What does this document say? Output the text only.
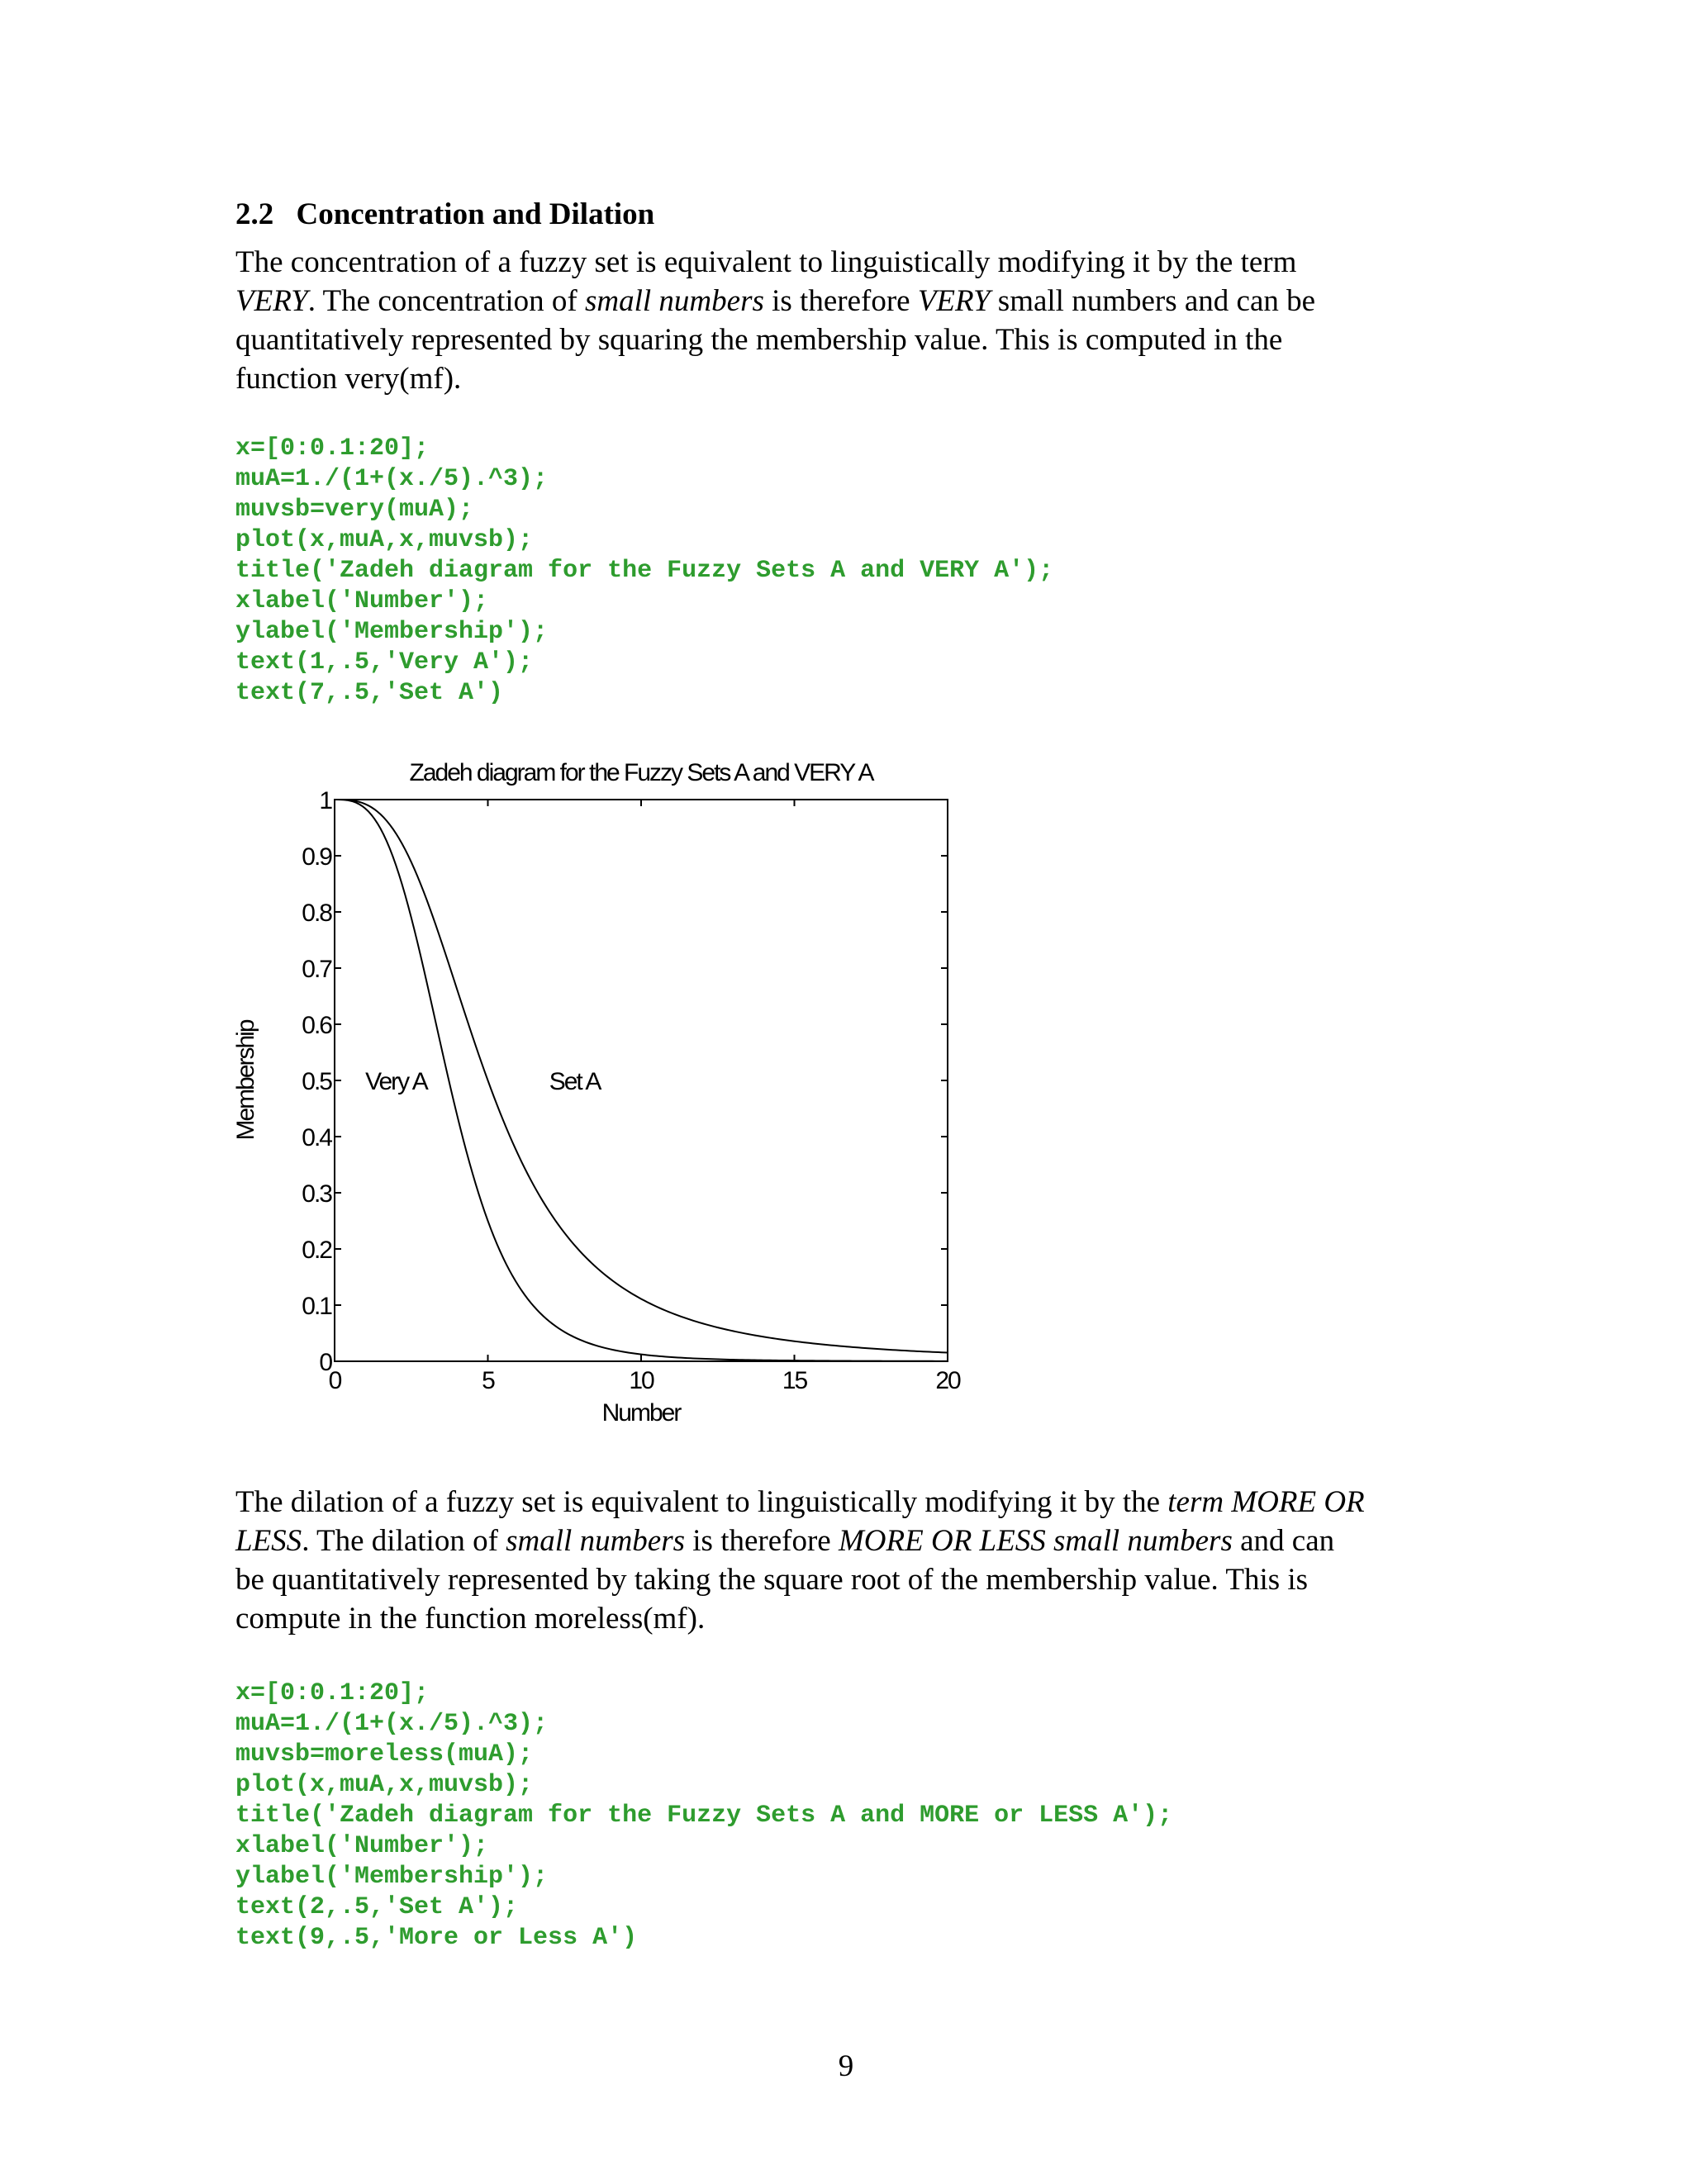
2.2 Concentration and Dilation
The concentration of a fuzzy set is equivalent to linguistically modifying it by the term
VERY. The concentration of small numbers is therefore VERY small numbers and can be
quantitatively represented by squaring the membership value. This is computed in the
function very(mf).
x=[0:0.1:20];
muA=1./(1+(x./5).^3);
muvsb=very(muA);
plot(x,muA,x,muvsb);
title('Zadeh diagram for the Fuzzy Sets A and VERY A');
xlabel('Number');
ylabel('Membership');
text(1,.5,'Very A');
text(7,.5,'Set A')
0
0.1
0.2
0.3
0.4
0.5
0.6
0.7
0.8
0.9
1
0	5	10	15	20
Zadeh diagram for the Fuzzy Sets A and VERY A
Number
Membership	Very A	Set A
The dilation of a fuzzy set is equivalent to linguistically modifying it by the term MORE OR
LESS. The dilation of small numbers is therefore MORE OR LESS small numbers and can
be quantitatively represented by taking the square root of the membership value. This is
compute in the function moreless(mf).
x=[0:0.1:20];
muA=1./(1+(x./5).^3);
muvsb=moreless(muA);
plot(x,muA,x,muvsb);
title('Zadeh diagram for the Fuzzy Sets A and MORE or LESS A');
xlabel('Number');
ylabel('Membership');
text(2,.5,'Set A');
text(9,.5,'More or Less A')
9
